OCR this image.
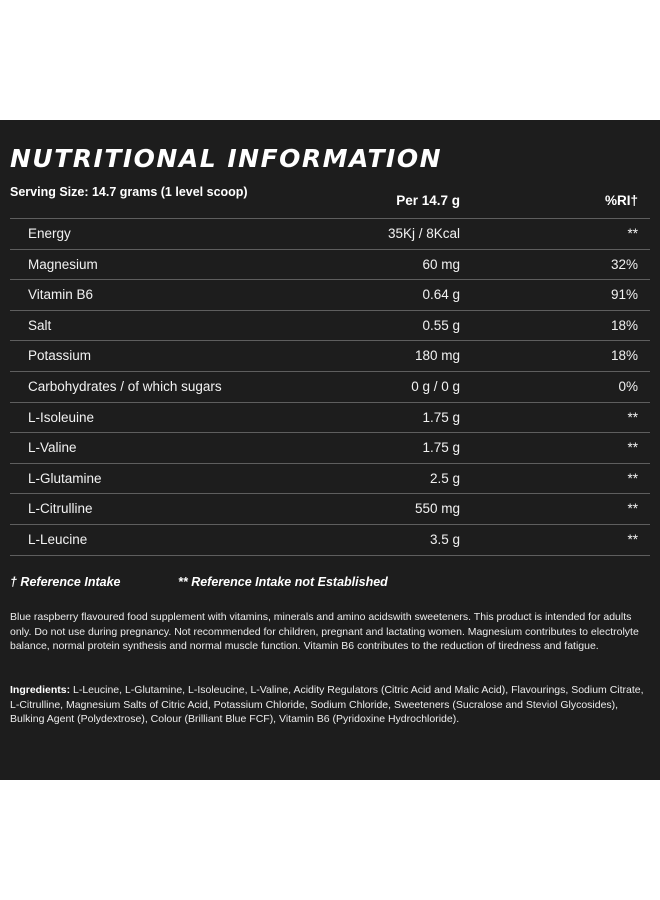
NUTRITIONAL INFORMATION
Serving Size: 14.7 grams (1 level scoop)
Per 14.7 g	%RI†
Energy	35Kj / 8Kcal	**
Magnesium	60 mg	32%
Vitamin B6	0.64 g	91%
Salt	0.55 g	18%
Potassium	180 mg	18%
Carbohydrates / of which sugars	0 g / 0 g	0%
L-Isoleuine	1.75 g	**
L-Valine	1.75 g	**
L-Glutamine	2.5 g	**
L-Citrulline	550 mg	**
L-Leucine	3.5 g	**
† Reference Intake	** Reference Intake not Established
Blue raspberry flavoured food supplement with vitamins, minerals and amino acidswith sweeteners. This product is intended for adults only. Do not use during pregnancy. Not recommended for children, pregnant and lactating women. Magnesium contributes to electrolyte balance, normal protein synthesis and normal muscle function. Vitamin B6 contributes to the reduction of tiredness and fatigue.
Ingredients: L-Leucine, L-Glutamine, L-Isoleucine, L-Valine, Acidity Regulators (Citric Acid and Malic Acid), Flavourings, Sodium Citrate, L-Citrulline, Magnesium Salts of Citric Acid, Potassium Chloride, Sodium Chloride, Sweeteners (Sucralose and Steviol Glycosides), Bulking Agent (Polydextrose), Colour (Brilliant Blue FCF), Vitamin B6 (Pyridoxine Hydrochloride).
